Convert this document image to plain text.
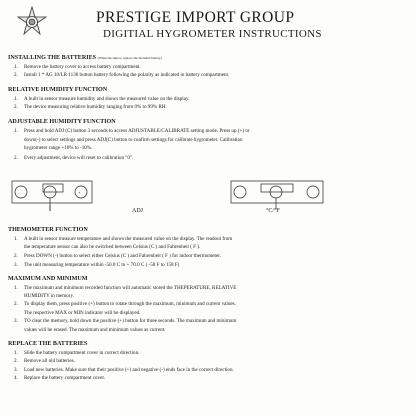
PRESTIGE IMPORT GROUP
DIGITIAL HYGROMETER INSTRUCTIONS
INSTALLING THE BATTERIES (When the time to replace the included battery)
1. Remove the battery cover to access battery compartment.
2. Install 1 * AG 10/LR 1130 button battery following the polarity as indicated in battery compartment.
RELATIVE HUMIDITY FUNCTION
1. A built in sensor measure humidity and shows the measured value on the display.
2. The device measuring relative humidity ranging from 0% to 99% RH.
ADJUSTABLE HUMIDITY FUNCTION
1. Press and hold ADJ (C) button 3 seconds to access ADJUSTABLE/CALIBRATE setting mode. Press up (+) or
down(-) to select settings and press ADJ(C) button to confirm settings for calibrate hygrometer. Calibration
hygrometer range +10% to -10%.
2. Every adjustment, device will reset to calibration "0".
-	+
ADJ	°C/°F
THEMOMETER FUNCTION
1. A built in sensor measure temperature and shows the measured value on the display. The readout from
the temperature sensor can also be switched between Celsius (C ) and Fahrenheit ( F ).
2. Press DOWN (-) button to select either Celsius (C ) and Fahrenheit ( F ) for indoor thermometer.
3. The unit measuring temperature within -50.0 C to + 70.0 C ( -58 F to 158 F)
MAXIMUM AND MINIMUM
1. The maximum and minimum recorded function will automatic stored the THEPERATURE, RELATIVE
HUMIDITY in memory.
2. To display them, press positive (+) button to rotate through the maximum, minimum and current values.
The respective MAX or MIN indicator will be displayed.
3. TO clear the memory, hold down the positive (+) button for three seconds. The maximum and minimum
values will be erased. The maximum and minimum values as current.
REPLACE THE BATTERIES
1. Slide the battery compartment cover in correct direction.
2. Remove all old batteries.
3. Load new batteries. Make sure that their positive (+) and negative (-) ends face in the correct direction.
4. Replace the battery compartment cover.
